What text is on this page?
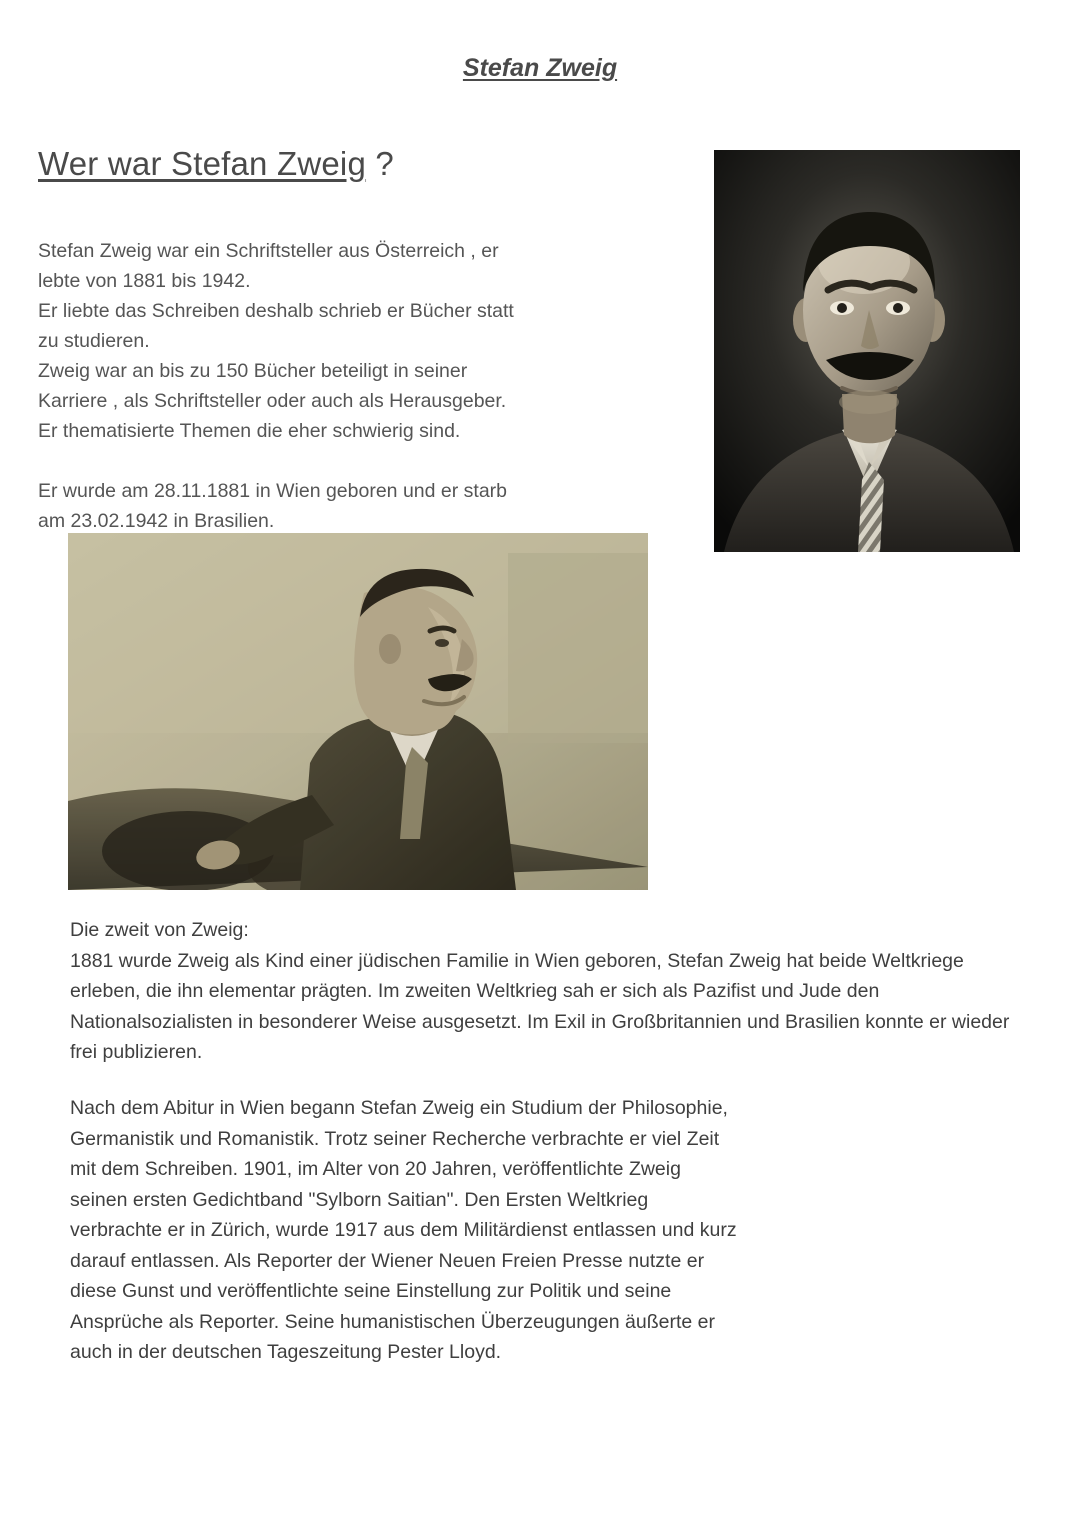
Stefan Zweig
Wer war Stefan Zweig ?
Stefan Zweig war ein Schriftsteller aus Österreich , er
lebte von 1881 bis 1942.
Er liebte das Schreiben deshalb schrieb er Bücher statt
zu studieren.
Zweig war an bis zu 150 Bücher beteiligt in seiner
Karriere , als Schriftsteller oder auch als Herausgeber.
Er thematisierte Themen die eher schwierig sind.
Er wurde am 28.11.1881 in Wien geboren und er starb
am 23.02.1942 in Brasilien.
Die zweit von Zweig:

1881 wurde Zweig als Kind einer jüdischen Familie in Wien geboren, Stefan Zweig hat beide Weltkriege erleben, die ihn elementar prägten. Im zweiten Weltkrieg sah er sich als Pazifist und Jude den Nationalsozialisten in besonderer Weise ausgesetzt. Im Exil in Großbritannien und Brasilien konnte er wieder frei publizieren.

Nach dem Abitur in Wien begann Stefan Zweig ein Studium der Philosophie,
Germanistik und Romanistik. Trotz seiner Recherche verbrachte er viel Zeit
mit dem Schreiben. 1901, im Alter von 20 Jahren, veröffentlichte Zweig
seinen ersten Gedichtband "Sylborn Saitian". Den Ersten Weltkrieg
verbrachte er in Zürich, wurde 1917 aus dem Militärdienst entlassen und kurz
darauf entlassen. Als Reporter der Wiener Neuen Freien Presse nutzte er
diese Gunst und veröffentlichte seine Einstellung zur Politik und seine
Ansprüche als Reporter. Seine humanistischen Überzeugungen äußerte er
auch in der deutschen Tageszeitung Pester Lloyd.
